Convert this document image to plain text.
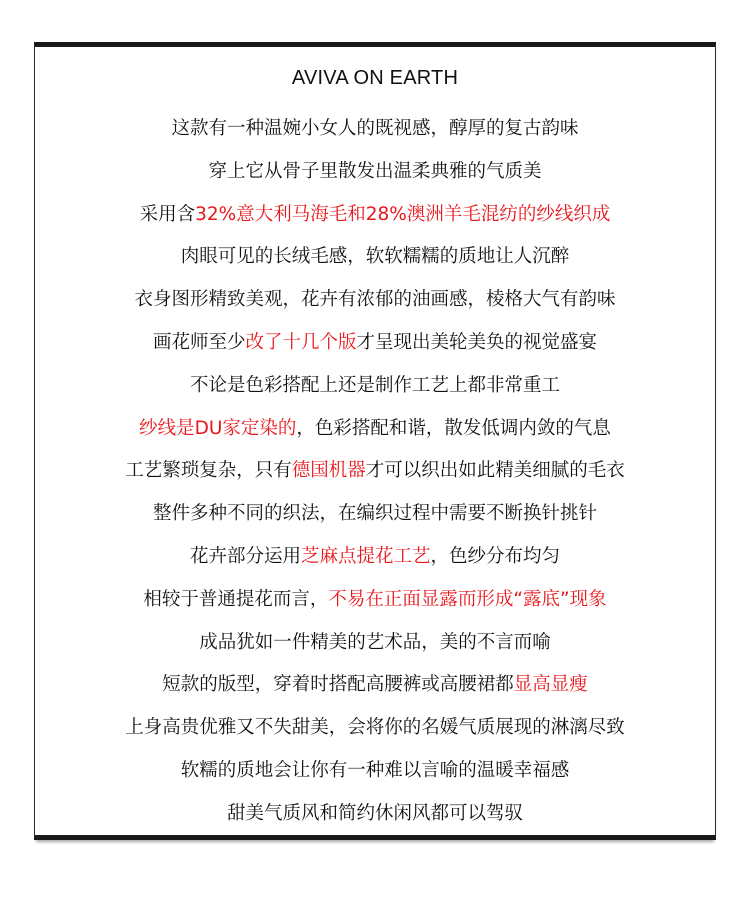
AVIVA ON EARTH
这款有一种温婉小女人的既视感，醇厚的复古韵味
穿上它从骨子里散发出温柔典雅的气质美
采用含32%意大利马海毛和28%澳洲羊毛混纺的纱线织成
肉眼可见的长绒毛感，软软糯糯的质地让人沉醉
衣身图形精致美观，花卉有浓郁的油画感，棱格大气有韵味
画花师至少改了十几个版才呈现出美轮美奂的视觉盛宴
不论是色彩搭配上还是制作工艺上都非常重工
纱线是DU家定染的，色彩搭配和谐，散发低调内敛的气息
工艺繁琐复杂，只有德国机器才可以织出如此精美细腻的毛衣
整件多种不同的织法，在编织过程中需要不断换针挑针
花卉部分运用芝麻点提花工艺，色纱分布均匀
相较于普通提花而言，不易在正面显露而形成“露底”现象
成品犹如一件精美的艺术品，美的不言而喻
短款的版型，穿着时搭配高腰裤或高腰裙都显高显瘦
上身高贵优雅又不失甜美，会将你的名媛气质展现的淋漓尽致
软糯的质地会让你有一种难以言喻的温暖幸福感
甜美气质风和简约休闲风都可以驾驭
